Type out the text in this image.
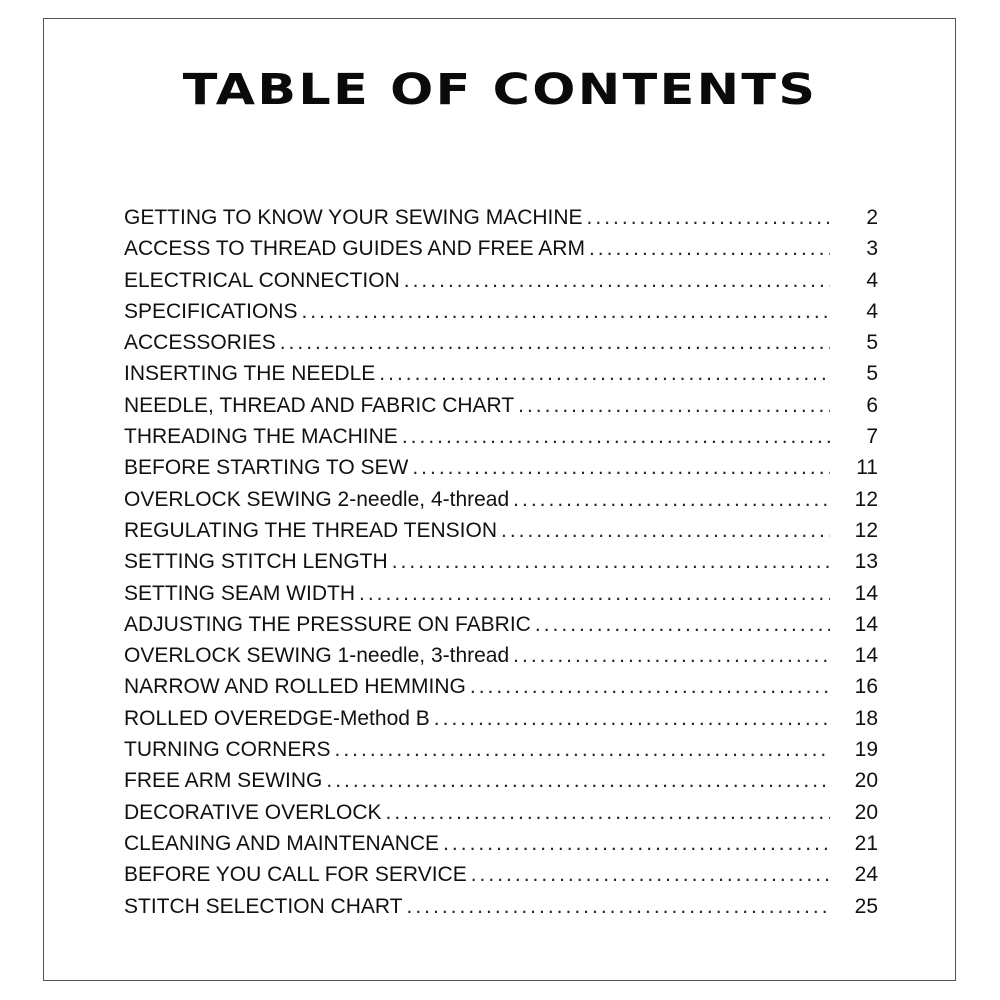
TABLE OF CONTENTS
GETTING TO KNOW YOUR SEWING MACHINE .....	2
ACCESS TO THREAD GUIDES AND FREE ARM .....	3
ELECTRICAL CONNECTION .....	4
SPECIFICATIONS .....	4
ACCESSORIES .....	5
INSERTING THE NEEDLE .....	5
NEEDLE, THREAD AND FABRIC CHART .....	6
THREADING THE MACHINE .....	7
BEFORE STARTING TO SEW .....	11
OVERLOCK SEWING 2-needle, 4-thread .....	12
REGULATING THE THREAD TENSION .....	12
SETTING STITCH LENGTH .....	13
SETTING SEAM WIDTH .....	14
ADJUSTING THE PRESSURE ON FABRIC .....	14
OVERLOCK SEWING 1-needle, 3-thread .....	14
NARROW AND ROLLED HEMMING .....	16
ROLLED OVEREDGE-Method B .....	18
TURNING CORNERS .....	19
FREE ARM SEWING .....	20
DECORATIVE OVERLOCK .....	20
CLEANING AND MAINTENANCE .....	21
BEFORE YOU CALL FOR SERVICE .....	24
STITCH SELECTION CHART .....	25
